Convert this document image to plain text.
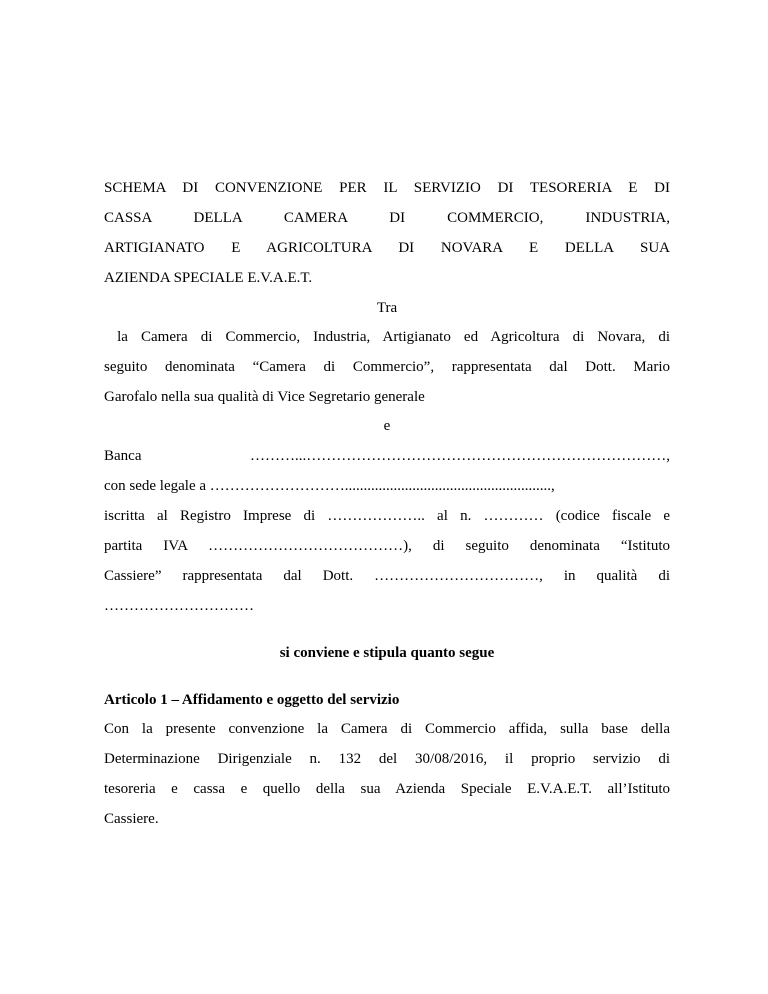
SCHEMA DI CONVENZIONE PER IL SERVIZIO DI TESORERIA E DI
CASSA DELLA CAMERA DI COMMERCIO, INDUSTRIA,
ARTIGIANATO E AGRICOLTURA DI NOVARA E DELLA SUA
AZIENDA SPECIALE E.V.A.E.T.
Tra
la Camera di Commercio, Industria, Artigianato ed Agricoltura di Novara, di
seguito denominata “Camera di Commercio”, rappresentata dal Dott. Mario
Garofalo nella sua qualità di Vice Segretario generale
e
Banca ………...………………………………………………………………,
con sede legale a ……………………….......................................................,
iscritta al Registro Imprese di ……………….. al n. ………… (codice fiscale e
partita IVA …………………………………), di seguito denominata “Istituto
Cassiere” rappresentata dal Dott. ……………………………, in qualità di
…………………………
si conviene e stipula quanto segue
Articolo 1 – Affidamento e oggetto del servizio
Con la presente convenzione la Camera di Commercio affida, sulla base della
Determinazione Dirigenziale n. 132 del 30/08/2016, il proprio servizio di
tesoreria e cassa e quello della sua Azienda Speciale E.V.A.E.T. all’Istituto
Cassiere.
